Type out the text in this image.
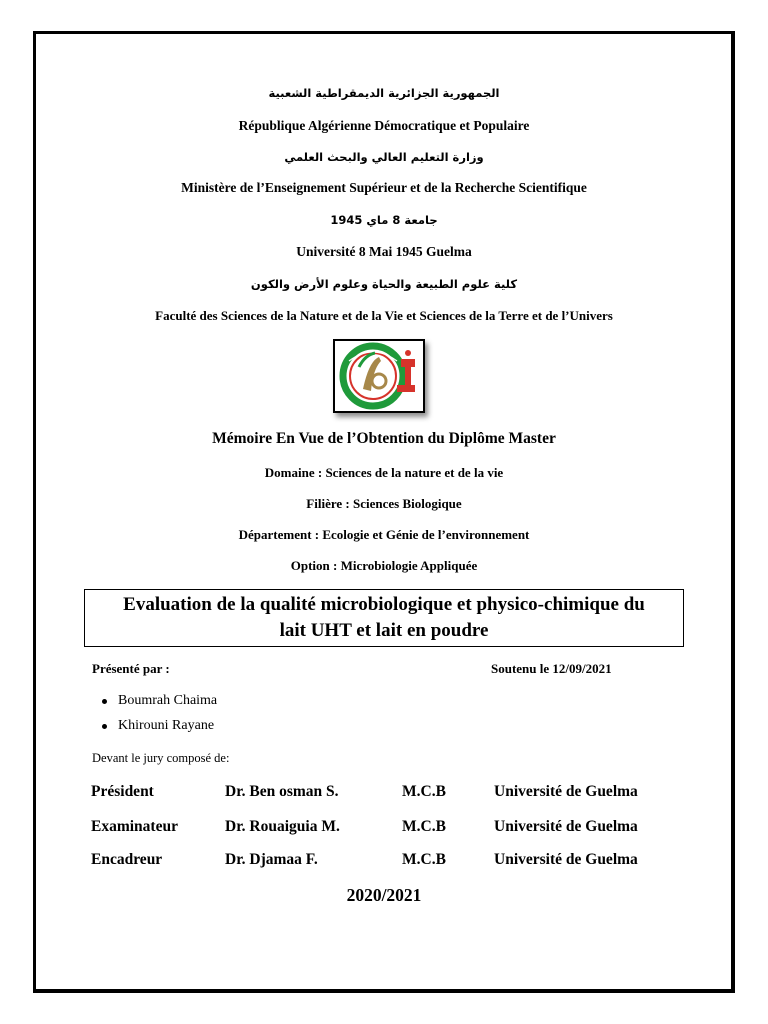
الجمهورية الجزائرية الديمقراطية الشعبية
République Algérienne Démocratique et Populaire
وزارة التعليم العالي والبحث العلمي
Ministère de l’Enseignement Supérieur et de la Recherche Scientifique
جامعة 8 ماي 1945
Université 8 Mai 1945 Guelma
كلية علوم الطبيعة والحياة وعلوم الأرض والكون
Faculté des Sciences de la Nature et de la Vie et Sciences de la Terre et de l’Univers
Mémoire En Vue de l’Obtention du Diplôme Master
Domaine : Sciences de la nature et de la vie
Filière : Sciences Biologique
Département : Ecologie et Génie de l’environnement
Option : Microbiologie Appliquée
Evaluation de la qualité microbiologique et physico-chimique du
lait UHT et lait en poudre
Présenté par :	Soutenu le 12/09/2021
Boumrah Chaima
Khirouni Rayane
Devant le jury composé de:
Président	Dr. Ben osman S.	M.C.B	Université de Guelma
Examinateur	Dr. Rouaiguia M.	M.C.B	Université de Guelma
Encadreur	Dr. Djamaa F.	M.C.B	Université de Guelma
2020/2021
